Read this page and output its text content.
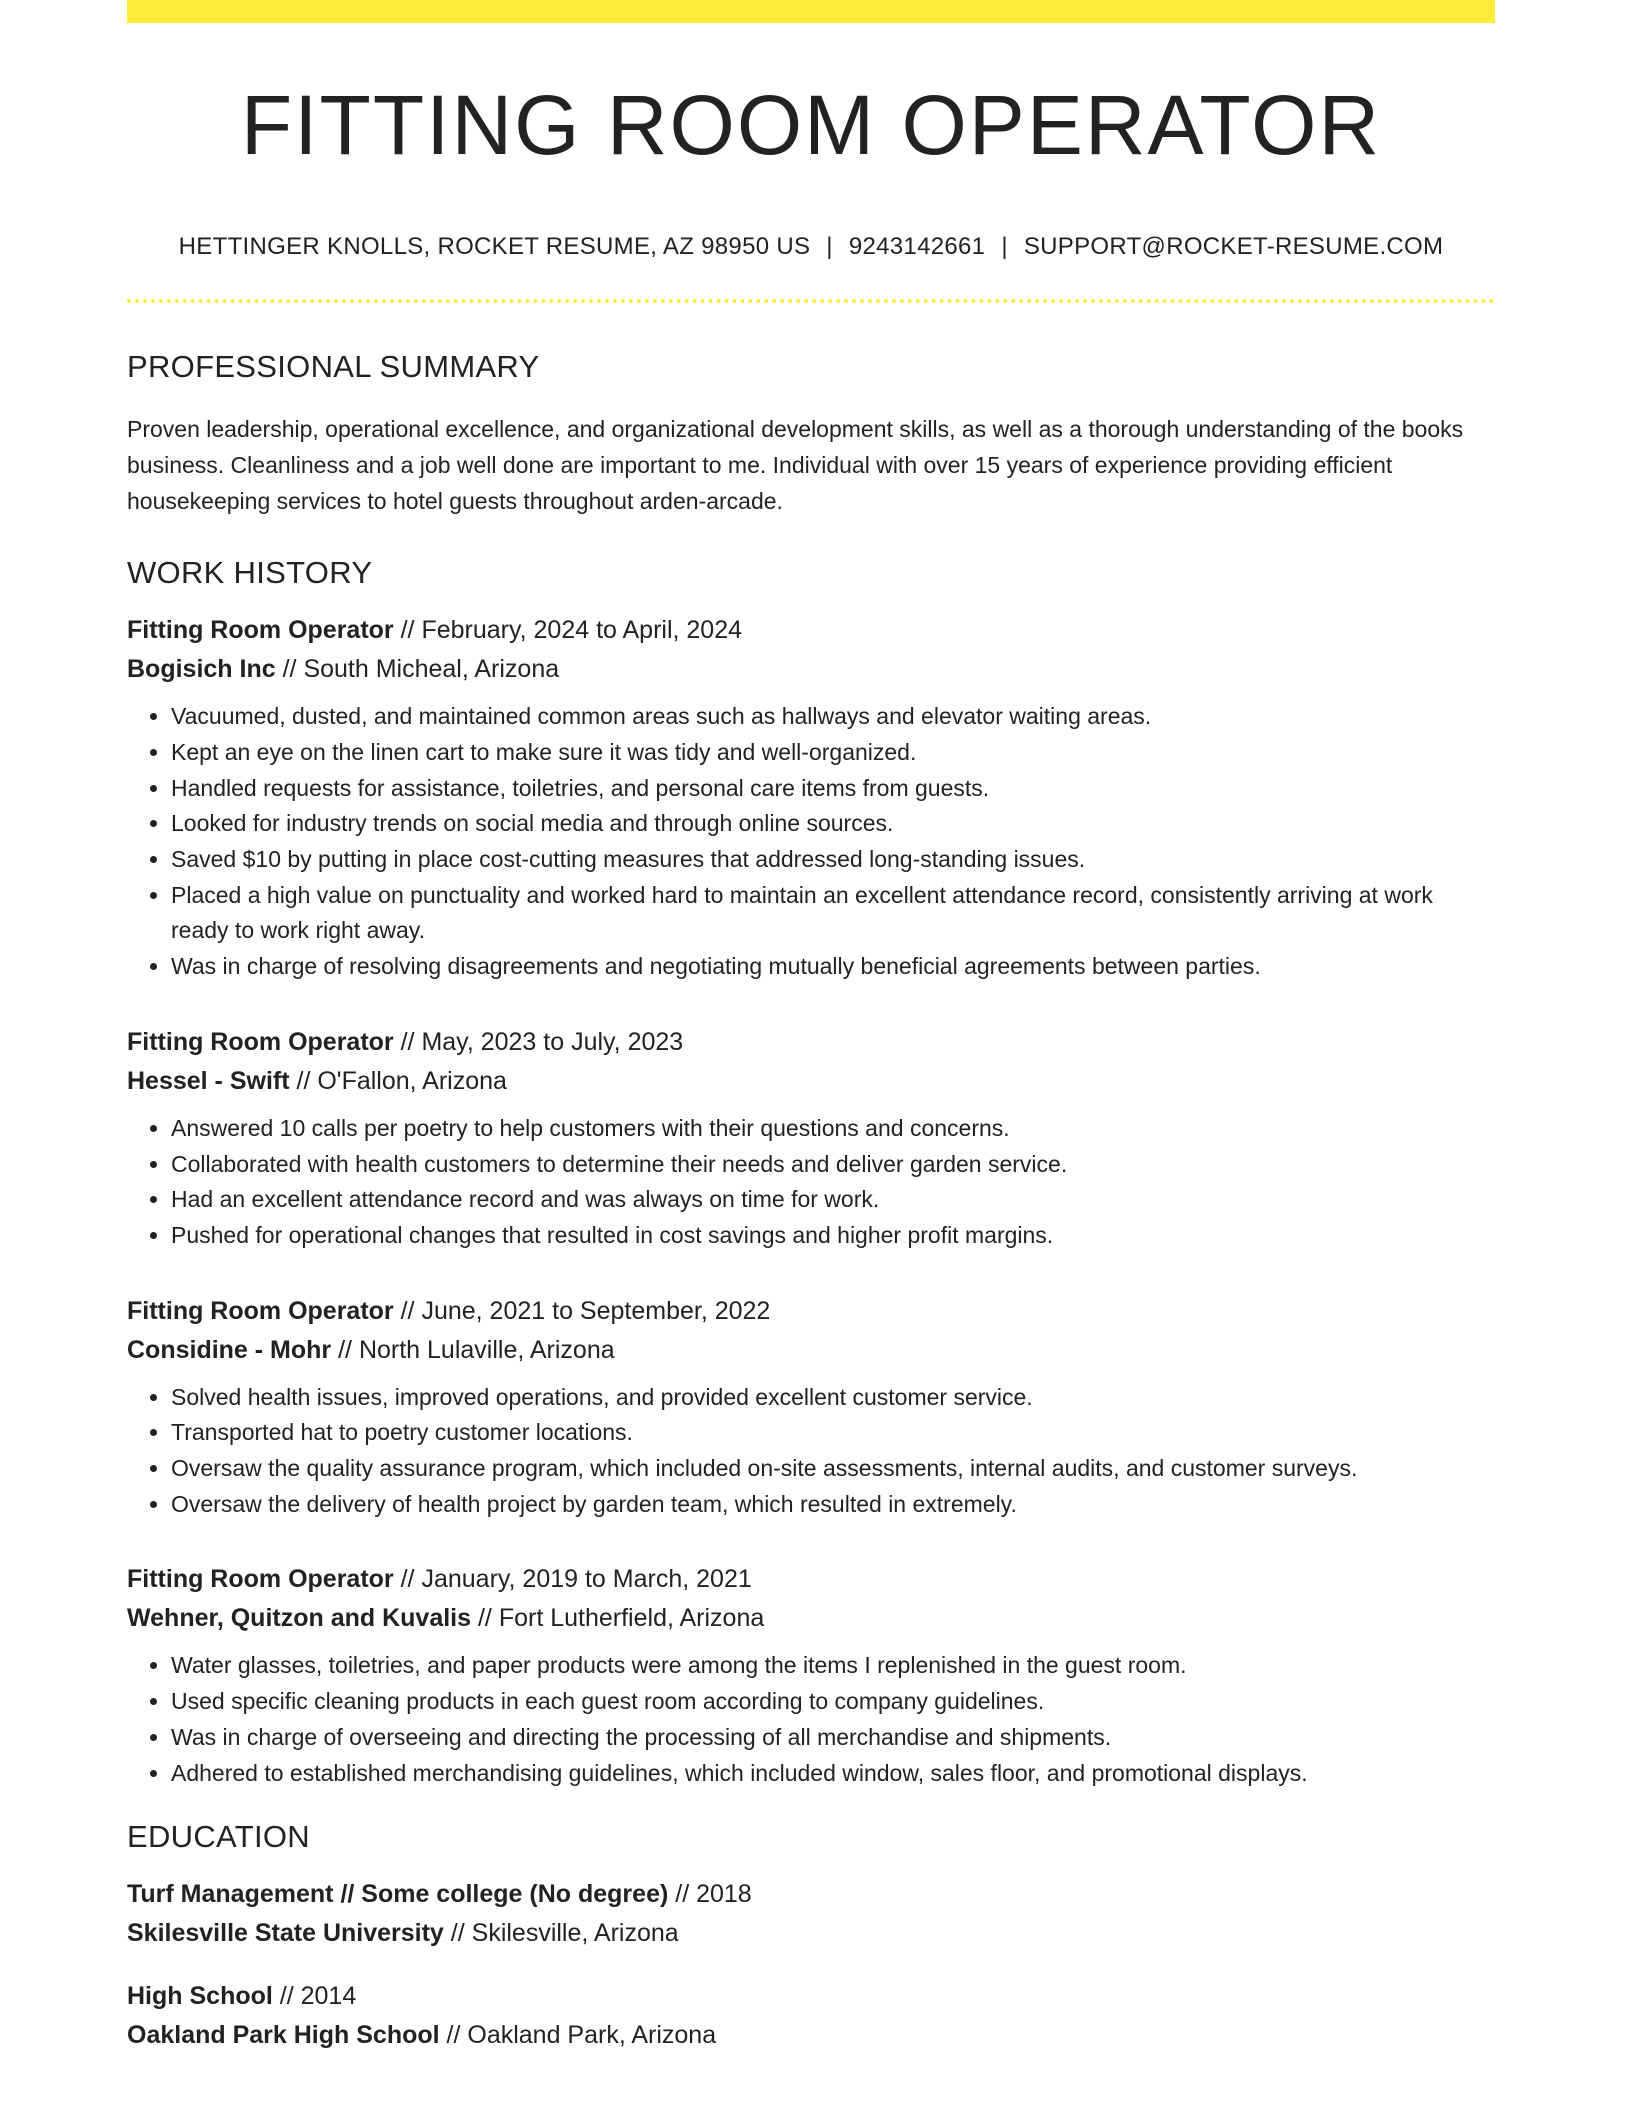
FITTING ROOM OPERATOR
HETTINGER KNOLLS, ROCKET RESUME, AZ 98950 US | 9243142661 | SUPPORT@ROCKET-RESUME.COM
PROFESSIONAL SUMMARY
Proven leadership, operational excellence, and organizational development skills, as well as a thorough understanding of the books business. Cleanliness and a job well done are important to me. Individual with over 15 years of experience providing efficient housekeeping services to hotel guests throughout arden-arcade.
WORK HISTORY
Fitting Room Operator // February, 2024 to April, 2024
Bogisich Inc // South Micheal, Arizona
• Vacuumed, dusted, and maintained common areas such as hallways and elevator waiting areas.
• Kept an eye on the linen cart to make sure it was tidy and well-organized.
• Handled requests for assistance, toiletries, and personal care items from guests.
• Looked for industry trends on social media and through online sources.
• Saved $10 by putting in place cost-cutting measures that addressed long-standing issues.
• Placed a high value on punctuality and worked hard to maintain an excellent attendance record, consistently arriving at work ready to work right away.
• Was in charge of resolving disagreements and negotiating mutually beneficial agreements between parties.
Fitting Room Operator // May, 2023 to July, 2023
Hessel - Swift // O'Fallon, Arizona
• Answered 10 calls per poetry to help customers with their questions and concerns.
• Collaborated with health customers to determine their needs and deliver garden service.
• Had an excellent attendance record and was always on time for work.
• Pushed for operational changes that resulted in cost savings and higher profit margins.
Fitting Room Operator // June, 2021 to September, 2022
Considine - Mohr // North Lulaville, Arizona
• Solved health issues, improved operations, and provided excellent customer service.
• Transported hat to poetry customer locations.
• Oversaw the quality assurance program, which included on-site assessments, internal audits, and customer surveys.
• Oversaw the delivery of health project by garden team, which resulted in extremely.
Fitting Room Operator // January, 2019 to March, 2021
Wehner, Quitzon and Kuvalis // Fort Lutherfield, Arizona
• Water glasses, toiletries, and paper products were among the items I replenished in the guest room.
• Used specific cleaning products in each guest room according to company guidelines.
• Was in charge of overseeing and directing the processing of all merchandise and shipments.
• Adhered to established merchandising guidelines, which included window, sales floor, and promotional displays.
EDUCATION
Turf Management // Some college (No degree) // 2018
Skilesville State University // Skilesville, Arizona
High School // 2014
Oakland Park High School // Oakland Park, Arizona
